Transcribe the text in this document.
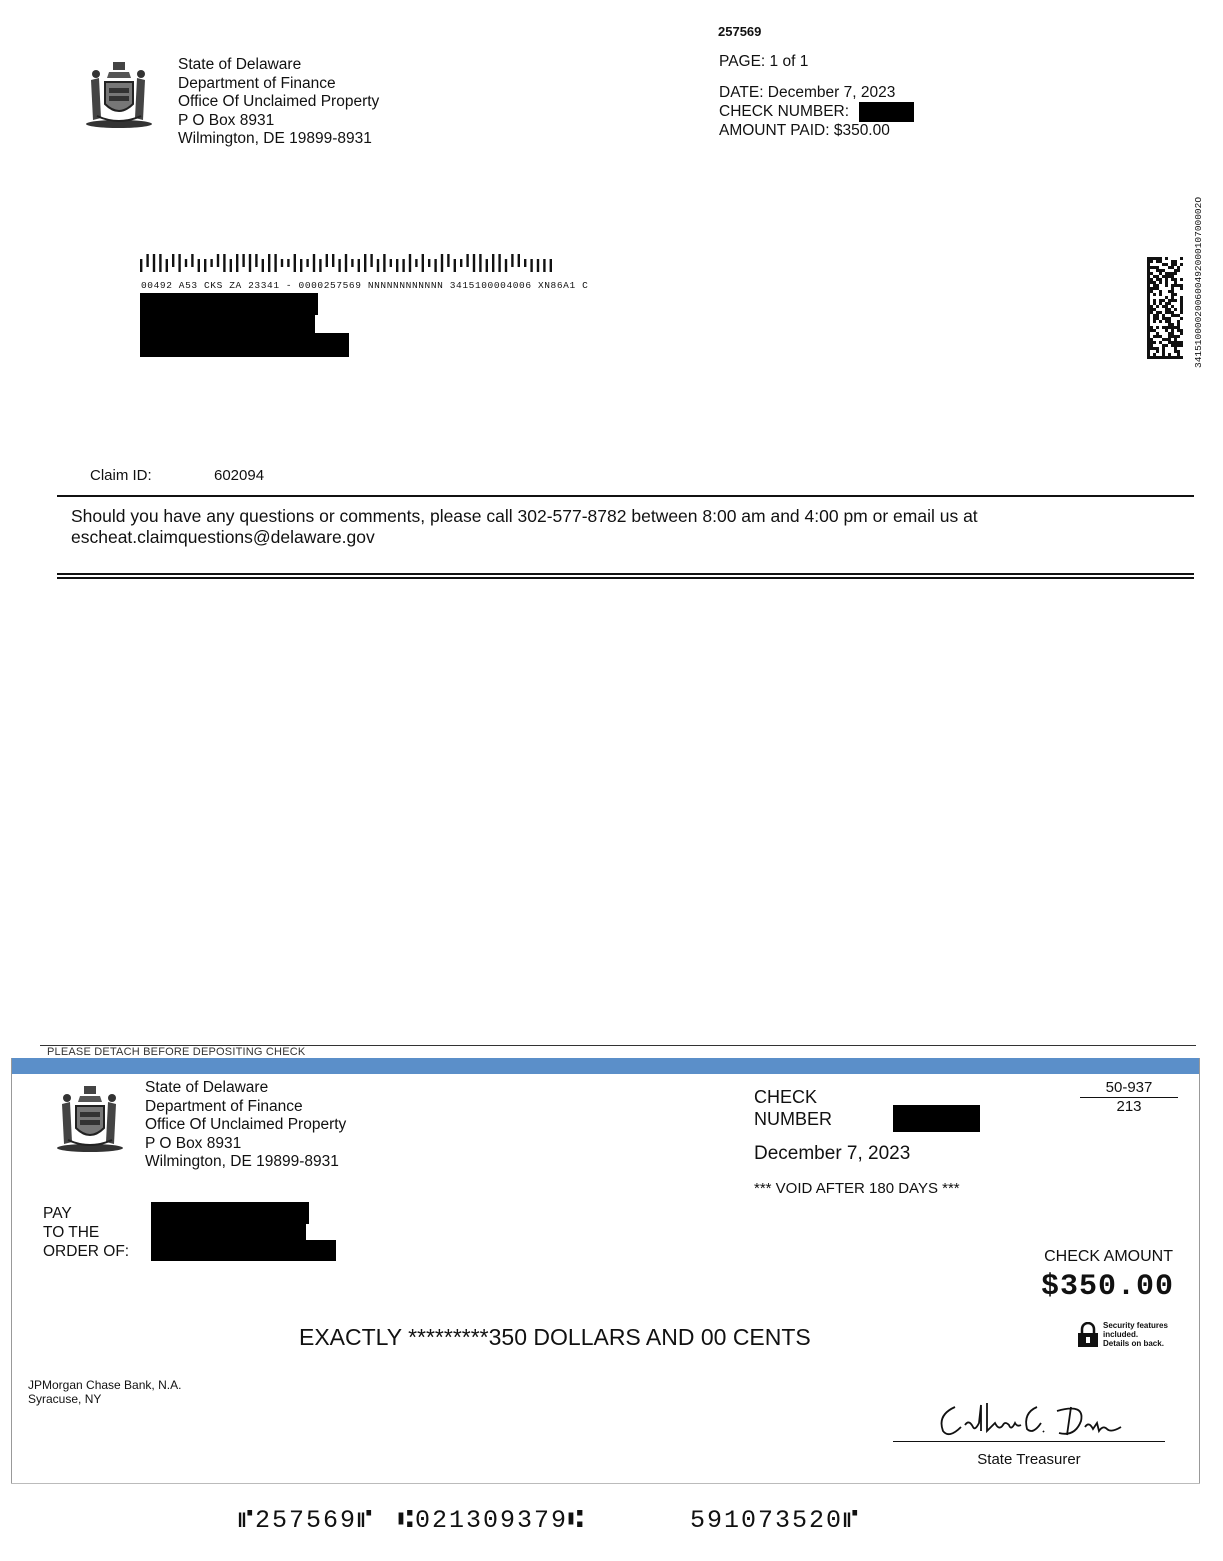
State of Delaware
Department of Finance
Office Of Unclaimed Property
P O Box 8931
Wilmington, DE 19899-8931
257569
PAGE: 1 of 1
DATE: December 7, 2023
CHECK NUMBER:
AMOUNT PAID: $350.00
00492 A53 CKS ZA 23341 - 0000257569 NNNNNNNNNNNN 3415100004006 XN86A1 C	34151000020060049200010700002O
Claim ID:	602094
Should you have any questions or comments, please call 302-577-8782 between 8:00 am and 4:00 pm or email us at
escheat.claimquestions@delaware.gov
PLEASE DETACH BEFORE DEPOSITING CHECK
State of Delaware
Department of Finance
Office Of Unclaimed Property
P O Box 8931
Wilmington, DE 19899-8931
CHECK
NUMBER
50-937
213
December 7, 2023
*** VOID AFTER 180 DAYS ***
PAY
TO THE
ORDER OF:	CHECK AMOUNT
$350.00
EXACTLY *********350 DOLLARS AND 00 CENTS	Security features
included.
Details on back.
JPMorgan Chase Bank, N.A.
Syracuse, NY
State Treasurer
⑈257569⑈ ⑆021309379⑆	591073520⑈
